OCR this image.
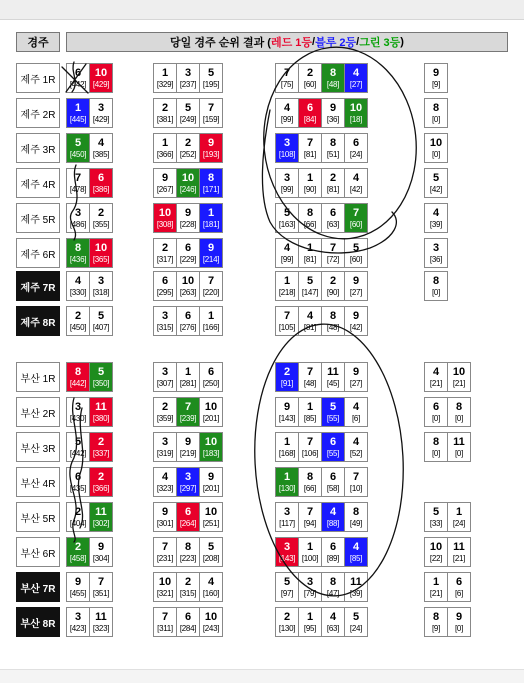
경주	당일 경주 순위 결과 ( 레드 1등 / 블루 2등 / 그린 3등 )
제주 1R
6
[442]
10
[429]
1
[329]
3
[237]
5
[195]
7
[75]
2
[60]
8
[48]
4
[27]
9
[9]
제주 2R
1
[445]
3
[429]
2
[381]
5
[249]
7
[159]
4
[99]
6
[84]
9
[36]
10
[18]
8
[0]
제주 3R
5
[450]
4
[385]
1
[366]
2
[252]
9
[193]
3
[108]
7
[81]
8
[51]
6
[24]
10
[0]
제주 4R
7
[478]
6
[386]
9
[267]
10
[246]
8
[171]
3
[99]
1
[90]
2
[81]
4
[42]
5
[42]
제주 5R
3
[486]
2
[355]
10
[308]
9
[228]
1
[181]
5
[163]
8
[66]
6
[63]
7
[60]
4
[39]
제주 6R
8
[436]
10
[365]
2
[317]
6
[229]
9
[214]
4
[99]
1
[81]
7
[72]
5
[60]
3
[36]
제주 7R
4
[330]
3
[318]
6
[295]
10
[263]
7
[220]
1
[218]
5
[147]
2
[90]
9
[27]
8
[0]
제주 8R
2
[450]
5
[407]
3
[315]
6
[276]
1
[166]
7
[105]
4
[81]
8
[48]
9
[42]
부산 1R
8
[442]
5
[350]
3
[307]
1
[281]
6
[250]
2
[91]
7
[48]
11
[45]
9
[27]
4
[21]
10
[21]
부산 2R
3
[430]
11
[380]
2
[359]
7
[239]
10
[201]
9
[143]
1
[85]
5
[55]
4
[6]
6
[0]
8
[0]
부산 3R
5
[442]
2
[337]
3
[319]
9
[219]
10
[183]
1
[168]
7
[106]
6
[55]
4
[52]
8
[0]
11
[0]
부산 4R
6
[435]
2
[366]
4
[323]
3
[297]
9
[201]
1
[130]
8
[66]
6
[58]
7
[10]
부산 5R
2
[404]
11
[302]
9
[301]
6
[264]
10
[251]
3
[117]
7
[94]
4
[88]
8
[49]
5
[33]
1
[24]
부산 6R
2
[458]
9
[304]
7
[231]
8
[223]
5
[208]
3
[143]
1
[100]
6
[89]
4
[85]
10
[22]
11
[21]
부산 7R
9
[455]
7
[351]
10
[321]
2
[315]
4
[160]
5
[97]
3
[79]
8
[47]
11
[39]
1
[21]
6
[6]
부산 8R
3
[423]
11
[323]
7
[311]
6
[284]
10
[243]
2
[130]
1
[95]
4
[63]
5
[24]
8
[9]
9
[0]
